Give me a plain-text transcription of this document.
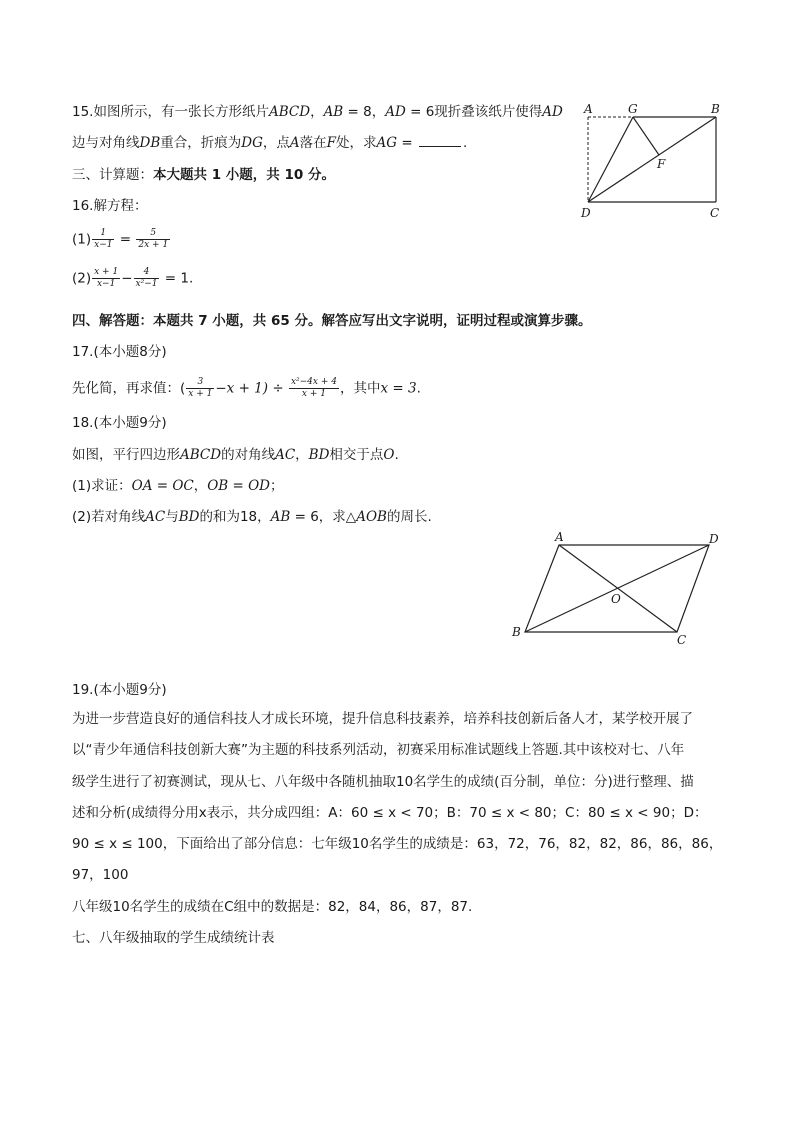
15.如图所示，有一张长方形纸片ABCD，AB = 8，AD = 6现折叠该纸片使得AD
边与对角线DB重合，折痕为DG，点A落在F处，求AG =	.
A	G	B
F
D	C
三、计算题：本大题共 1 小题，共 10 分。
16.解方程：
$(1) \frac{1}{x-1} = \frac{5}{2x + 1}$
$(2) \frac{x + 1}{x-1} - \frac{4}{\text{x²−1}} = 1$.
四、解答题：本题共 7 小题，共 65 分。解答应写出文字说明，证明过程或演算步骤。
17.(本小题8分)
先化简，再求值：( $\frac{3}{x + 1} -x + 1) \div \frac{\text{x²−4x + 4}}{x + 1}$ ，其中x = 3.
18.(本小题9分)
如图，平行四边形ABCD的对角线AC，BD相交于点O.
(1)求证：OA = OC，OB = OD；
(2)若对角线AC与BD的和为18，AB = 6，求△AOB的周长.
A	D
O
B
C
19.(本小题9分)
为进一步营造良好的通信科技人才成长环境，提升信息科技素养，培养科技创新后备人才，某学校开展了
以“青少年通信科技创新大赛”为主题的科技系列活动，初赛采用标准试题线上答题.其中该校对七、八年
级学生进行了初赛测试，现从七、八年级中各随机抽取10名学生的成绩(百分制，单位：分)进行整理、描
述和分析(成绩得分用x表示，共分成四组：A：60 ≤ x < 70；B：70 ≤ x < 80；C：80 ≤ x < 90；D：
90 ≤ x ≤ 100，下面给出了部分信息：七年级10名学生的成绩是：63，72，76，82，82，86，86，86，
97，100
八年级10名学生的成绩在C组中的数据是：82，84，86，87，87.
七、八年级抽取的学生成绩统计表
